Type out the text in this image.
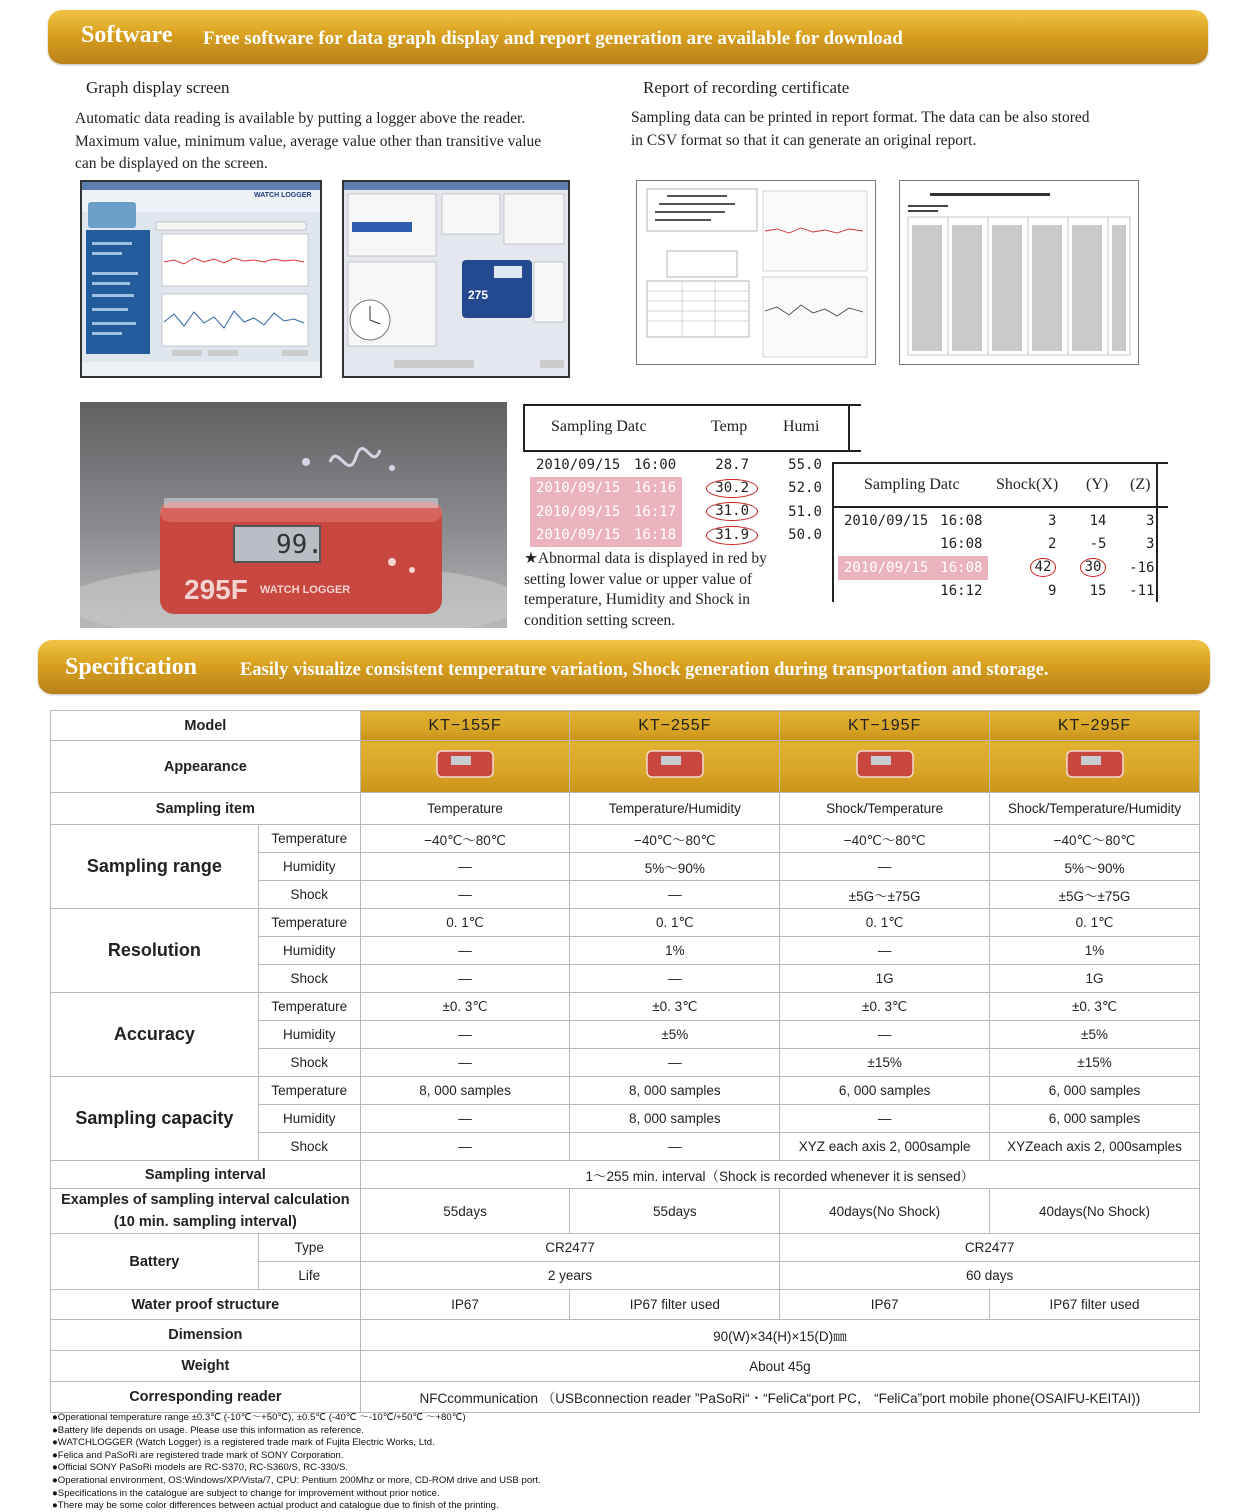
Software Free software for data graph display and report generation are available for download
Graph display screen
Automatic data reading is available by putting a logger above the reader.
Maximum value, minimum value, average value other than transitive value
can be displayed on the screen.
Report of recording certificate
Sampling data can be printed in report format. The data can be also stored
in CSV format so that it can generate an original report.
WATCH LOGGER
275
99.
295F WATCH LOGGER
Sampling Datc	Temp Humi
2010/09/15	16:00	28.7	55.0
2010/09/15	16:16	30.2	52.0
2010/09/15	16:17	31.0	51.0
2010/09/15	16:18	31.9	50.0
★Abnormal data is displayed in red by
setting lower value or upper value of
temperature, Humidity and Shock in
condition setting screen.
Sampling Datc Shock(X) (Y) (Z)
2010/09/15	16:08	3	14	3
	16:08	2	-5	3
2010/09/15	16:08	42	30	-16
	16:12	9	15	-11
Specification Easily visualize consistent temperature variation, Shock generation during transportation and storage.
Model		KT−155F	KT−255F	KT−195F	KT−295F
Appearance				
Sampling item		Temperature	Temperature/Humidity	Shock/Temperature	Shock/Temperature/Humidity
Sampling range	Temperature	−40℃～80℃	−40℃～80℃	−40℃～80℃	−40℃～80℃
	Humidity	―	5%～90%	―	5%～90%
	Shock	―	―	±5G～±75G	±5G～±75G
Resolution	Temperature	0. 1℃	0. 1℃	0. 1℃	0. 1℃
	Humidity	―	1%	―	1%
	Shock	―	―	1G	1G
Accuracy	Temperature	±0. 3℃	±0. 3℃	±0. 3℃	±0. 3℃
	Humidity	―	±5%	―	±5%
	Shock	―	―	±15%	±15%
Sampling capacity	Temperature	8, 000 samples	8, 000 samples	6, 000 samples	6, 000 samples
	Humidity	―	8, 000 samples	―	6, 000 samples
	Shock	―	―	XYZ each axis 2, 000sample	XYZeach axis 2, 000samples
Sampling interval		1～255 min. interval（Shock is recorded whenever it is sensed）			

Examples of sampling interval calculation
(10 min. sampling interval)		55days	55days	40days(No Shock)	40days(No Shock)
Battery	Type	CR2477		CR2477	
	Life	2 years		60 days	
Water proof structure		IP67	IP67 filter used	IP67	IP67 filter used
Dimension		90(W)×34(H)×15(D)㎜			
Weight		About 45g			
Corresponding reader		NFCcommunication （USBconnection reader ”PaSoRi“・“FeliCa“port PC， “FeliCa”port mobile phone(OSAIFU-KEITAI))			
●Operational temperature range ±0.3℃ (-10℃～+50℃), ±0.5℃ (-40℃ ～-10℃/+50℃ ～+80℃)
●Battery life depends on usage. Please use this information as reference.
●WATCHLOGGER (Watch Logger) is a registered trade mark of Fujita Electric Works, Ltd.
●Felica and PaSoRi are registered trade mark of SONY Corporation.
●Official SONY PaSoRi models are RC-S370, RC-S360/S, RC-330/S.
●Operational environment, OS:Windows/XP/Vista/7, CPU: Pentium 200Mhz or more, CD-ROM drive and USB port.
●Specifications in the catalogue are subject to change for improvement without prior notice.
●There may be some color differences between actual product and catalogue due to finish of the printing.
